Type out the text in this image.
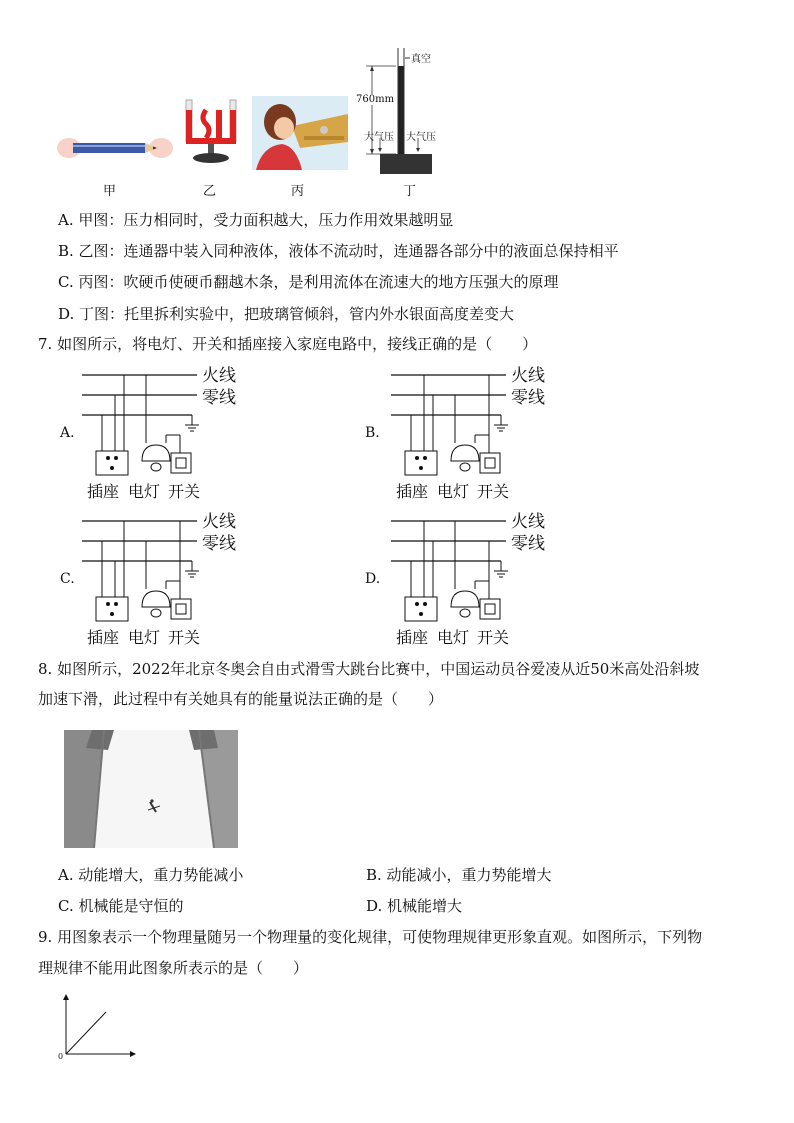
真空
760mm
大气压 大气压
甲	乙	丙	丁
A. 甲图：压力相同时，受力面积越大，压力作用效果越明显
B. 乙图：连通器中装入同种液体，液体不流动时，连通器各部分中的液面总保持相平
C. 丙图：吹硬币使硬币翻越木条，是利用流体在流速大的地方压强大的原理
D. 丁图：托里拆利实验中，把玻璃管倾斜，管内外水银面高度差变大
7. 如图所示，将电灯、开关和插座接入家庭电路中，接线正确的是（　　）
A.
火线
零线
插座 电灯 开关
B.
火线
零线
插座 电灯 开关
C.
火线
零线
插座 电灯 开关
D.
火线
零线
插座 电灯 开关
8. 如图所示，2022年北京冬奥会自由式滑雪大跳台比赛中，中国运动员谷爱凌从近50米高处沿斜坡
加速下滑，此过程中有关她具有的能量说法正确的是（　　）
A. 动能增大，重力势能减小	B. 动能减小，重力势能增大
C. 机械能是守恒的	D. 机械能增大
9. 用图象表示一个物理量随另一个物理量的变化规律，可使物理规律更形象直观。如图所示，下列物
理规律不能用此图象所表示的是（　　）
0
